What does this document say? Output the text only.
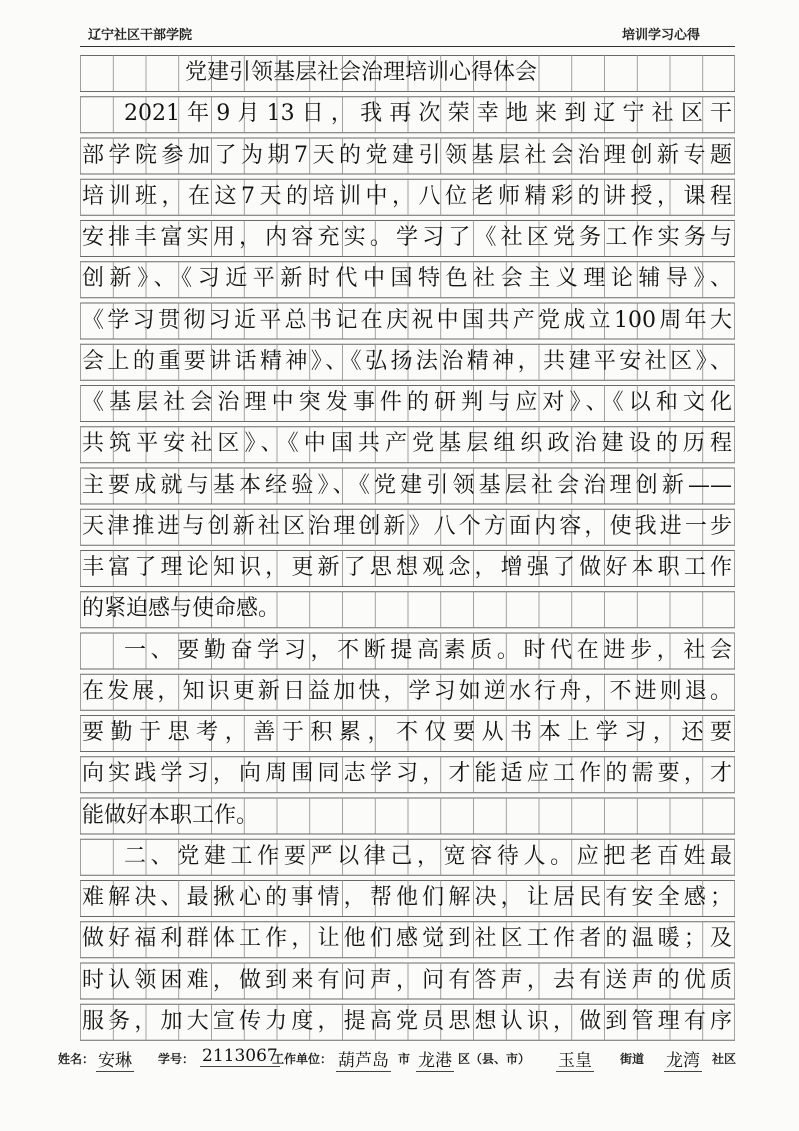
辽宁社区干部学院	培训学习心得
党建引领基层社会治理培训心得体会
2021年9月13日，我再次荣幸地来到辽宁社区干
部学院参加了为期7天的党建引领基层社会治理创新专题
培训班，在这7天的培训中，八位老师精彩的讲授，课程
安排丰富实用，内容充实。学习了《社区党务工作实务与
创新》、《习近平新时代中国特色社会主义理论辅导》、
《学习贯彻习近平总书记在庆祝中国共产党成立100周年大
会上的重要讲话精神》、《弘扬法治精神，共建平安社区》、
《基层社会治理中突发事件的研判与应对》、《以和文化
共筑平安社区》、《中国共产党基层组织政治建设的历程
主要成就与基本经验》、《党建引领基层社会治理创新——
天津推进与创新社区治理创新》八个方面内容，使我进一步
丰富了理论知识，更新了思想观念，增强了做好本职工作
的紧迫感与使命感。
一、要勤奋学习，不断提高素质。时代在进步，社会
在发展，知识更新日益加快，学习如逆水行舟，不进则退。
要勤于思考，善于积累，不仅要从书本上学习，还要
向实践学习，向周围同志学习，才能适应工作的需要，才
能做好本职工作。
二、党建工作要严以律己，宽容待人。应把老百姓最
难解决、最揪心的事情，帮他们解决，让居民有安全感；
做好福利群体工作，让他们感觉到社区工作者的温暖；及
时认领困难，做到来有问声，问有答声，去有送声的优质
服务，加大宣传力度，提高党员思想认识，做到管理有序
姓名： 安琳 学号： 2113067
工作单位： 葫芦岛 市 龙港 区（县、市） 玉皇 街道 龙湾 社区
